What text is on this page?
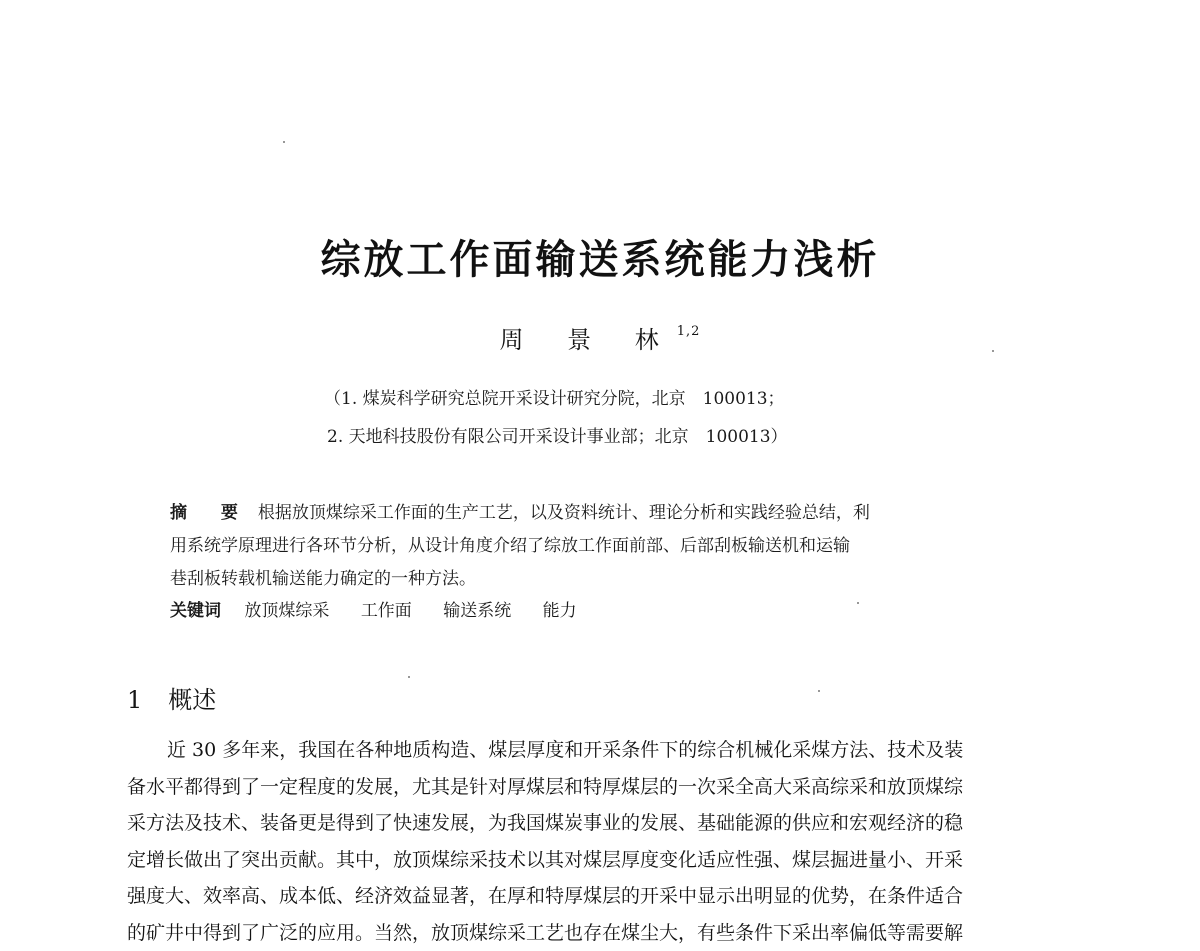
综放工作面输送系统能力浅析
周 景 林$^{1,2}$
（1. 煤炭科学研究总院开采设计研究分院，北京　100013；
2. 天地科技股份有限公司开采设计事业部；北京　100013）
摘 要 根据放顶煤综采工作面的生产工艺，以及资料统计、理论分析和实践经验总结，利
用系统学原理进行各环节分析，从设计角度介绍了综放工作面前部、后部刮板输送机和运输
巷刮板转载机输送能力确定的一种方法。
关键词 放顶煤综采 工作面 输送系统 能力
1 概述
近 30 多年来，我国在各种地质构造、煤层厚度和开采条件下的综合机械化采煤方法、技术及装
备水平都得到了一定程度的发展，尤其是针对厚煤层和特厚煤层的一次采全高大采高综采和放顶煤综
采方法及技术、装备更是得到了快速发展，为我国煤炭事业的发展、基础能源的供应和宏观经济的稳
定增长做出了突出贡献。其中，放顶煤综采技术以其对煤层厚度变化适应性强、煤层掘进量小、开采
强度大、效率高、成本低、经济效益显著，在厚和特厚煤层的开采中显示出明显的优势，在条件适合
的矿井中得到了广泛的应用。当然，放顶煤综采工艺也存在煤尘大，有些条件下采出率偏低等需要解
